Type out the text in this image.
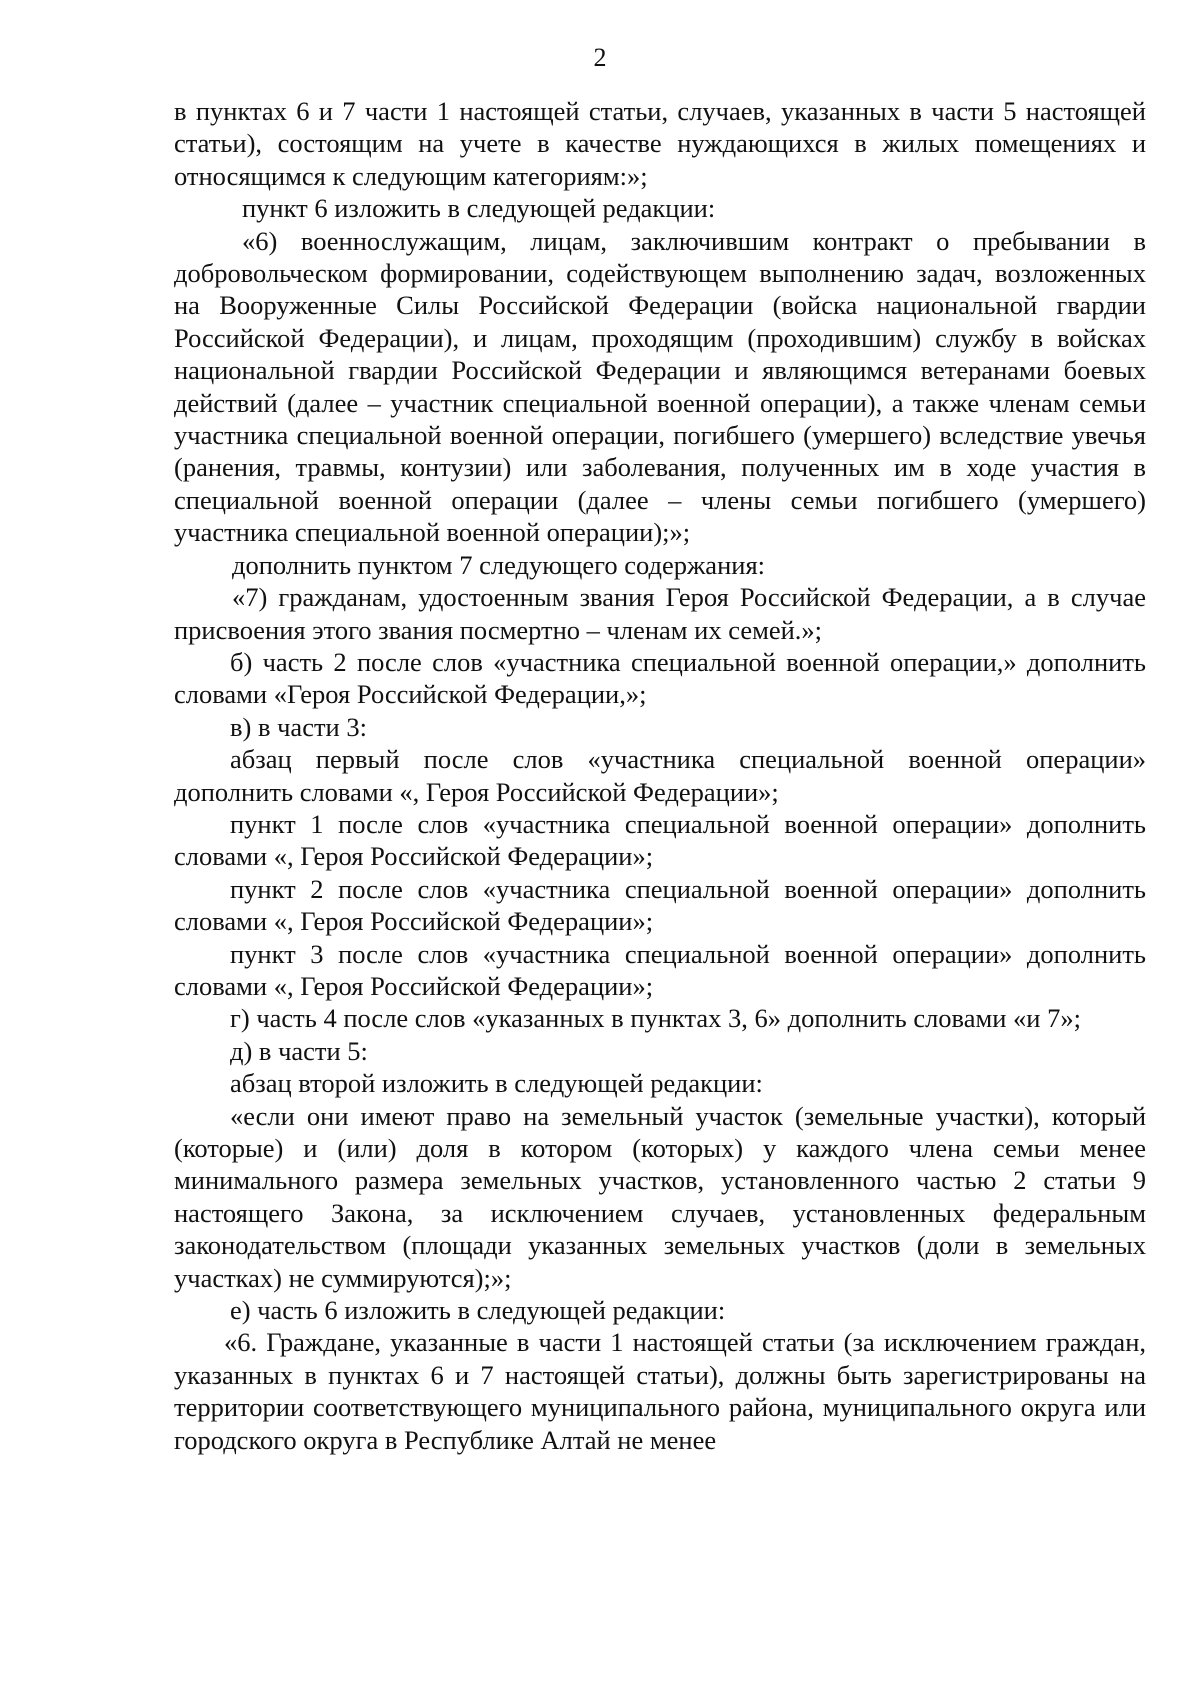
2

в пунктах 6 и 7 части 1 настоящей статьи, случаев, указанных в части 5 настоящей статьи), состоящим на учете в качестве нуждающихся в жилых помещениях и относящимся к следующим категориям:»;

пункт 6 изложить в следующей редакции:

«6) военнослужащим, лицам, заключившим контракт о пребывании в добровольческом формировании, содействующем выполнению задач, возложенных на Вооруженные Силы Российской Федерации (войска национальной гвардии Российской Федерации), и лицам, проходящим (проходившим) службу в войсках национальной гвардии Российской Федерации и являющимся ветеранами боевых действий (далее – участник специальной военной операции), а также членам семьи участника специальной военной операции, погибшего (умершего) вследствие увечья (ранения, травмы, контузии) или заболевания, полученных им в ходе участия в специальной военной операции (далее – члены семьи погибшего (умершего) участника специальной военной операции);»;

дополнить пунктом 7 следующего содержания:

«7) гражданам, удостоенным звания Героя Российской Федерации, а в случае присвоения этого звания посмертно – членам их семей.»;

б) часть 2 после слов «участника специальной военной операции,» дополнить словами «Героя Российской Федерации,»;

в) в части 3:

абзац первый после слов «участника специальной военной операции» дополнить словами «, Героя Российской Федерации»;

пункт 1 после слов «участника специальной военной операции» дополнить словами «, Героя Российской Федерации»;

пункт 2 после слов «участника специальной военной операции» дополнить словами «, Героя Российской Федерации»;

пункт 3 после слов «участника специальной военной операции» дополнить словами «, Героя Российской Федерации»;

г) часть 4 после слов «указанных в пунктах 3, 6» дополнить словами «и 7»;

д) в части 5:

абзац второй изложить в следующей редакции:

«если они имеют право на земельный участок (земельные участки), который (которые) и (или) доля в котором (которых) у каждого члена семьи менее минимального размера земельных участков, установленного частью 2 статьи 9 настоящего Закона, за исключением случаев, установленных федеральным законодательством (площади указанных земельных участков (доли в земельных участках) не суммируются);»;

е) часть 6 изложить в следующей редакции:

«6. Граждане, указанные в части 1 настоящей статьи (за исключением граждан, указанных в пунктах 6 и 7 настоящей статьи), должны быть зарегистрированы на территории соответствующего муниципального района, муниципального округа или городского округа в Республике Алтай не менее
